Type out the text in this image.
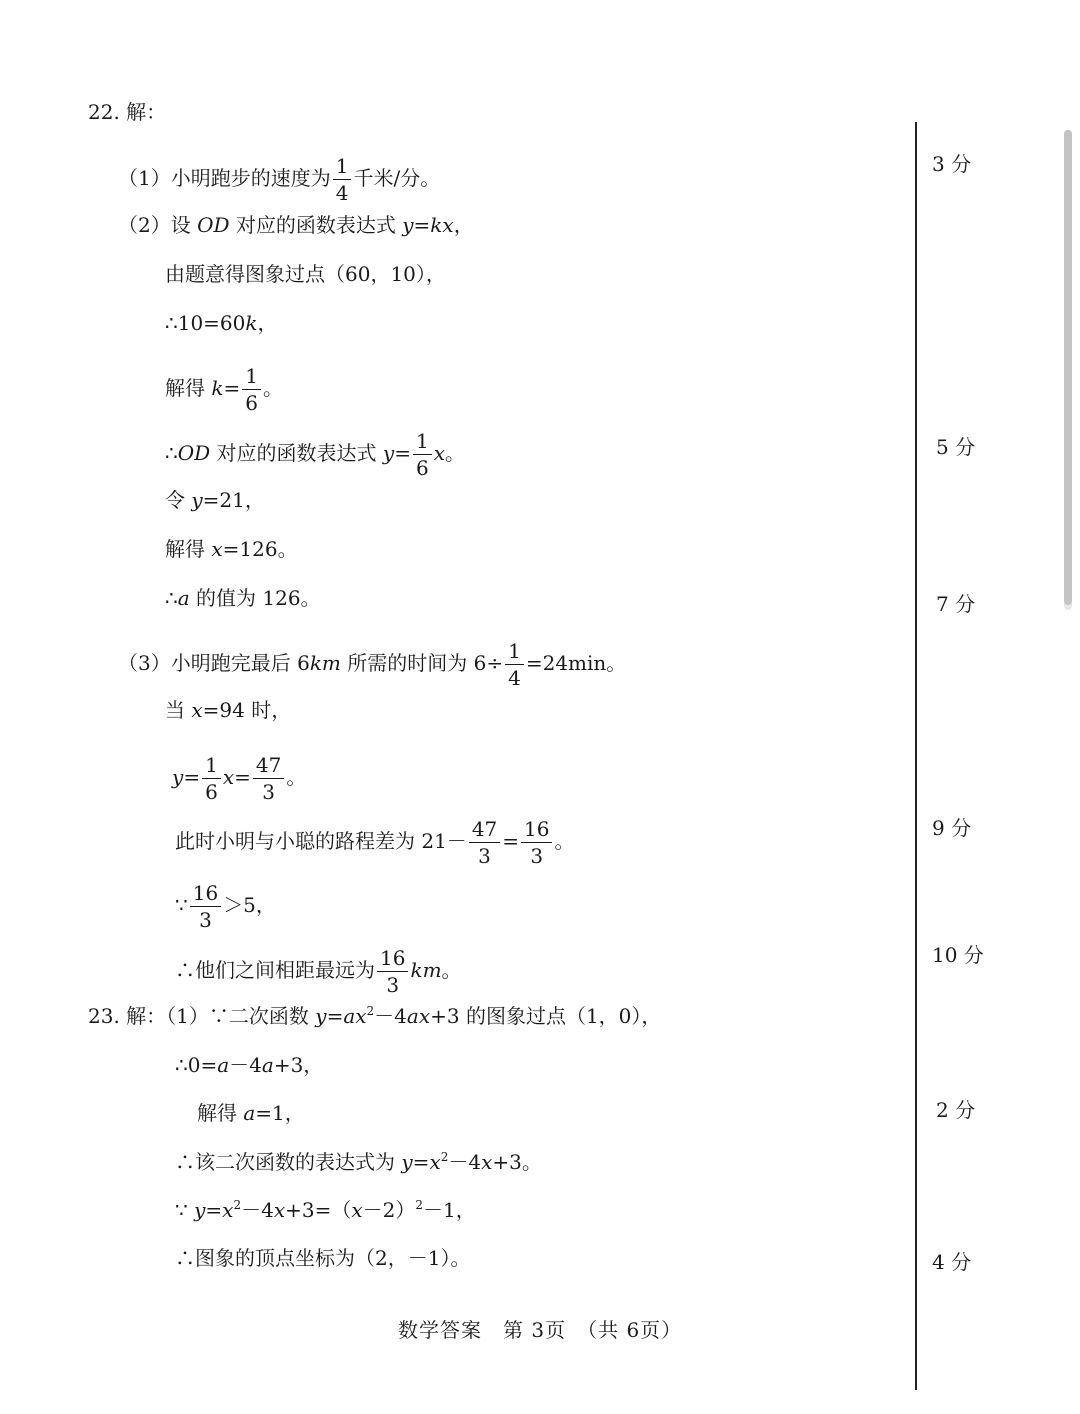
22. 解：
（1）小明跑步的速度为 $\frac{1}{4}$ 千米/分。
（2）设 OD 对应的函数表达式 y=kx，
由题意得图象过点（60，10），
∴10=60k，
解得 $k= \frac{1}{6}$ 。
∴OD 对应的函数表达式 $y= \frac{1}{6}$ x。
令 y=21，
解得 x=126。
∴a 的值为 126。
（3）小明跑完最后 6km 所需的时间为 $6\div \frac{1}{4} =24\min$。
当 x=94 时，
$y= \frac{1}{6} x= \frac{47}{3}$ 。
此时小明与小聪的路程差为 $21- \frac{47}{3} = \frac{16}{3}$ 。
∵ $\frac{16}{3} >5$，
∴他们之间相距最远为 $\frac{16}{3}$ km。
23. 解：（1）∵二次函数 $y=ax^2-4ax+3$ 的图象过点（1，0），
∴0=a－4a+3，
解得 a=1，
∴该二次函数的表达式为 $y=x^2-4x+3$。
∵ $y=x^2-4x+3=(x-2)^2-1$，
∴图象的顶点坐标为（2，－1）。
3 分
5 分
7 分
9 分
10 分
2 分
4 分
数学答案　第 3页　（共 6页）
